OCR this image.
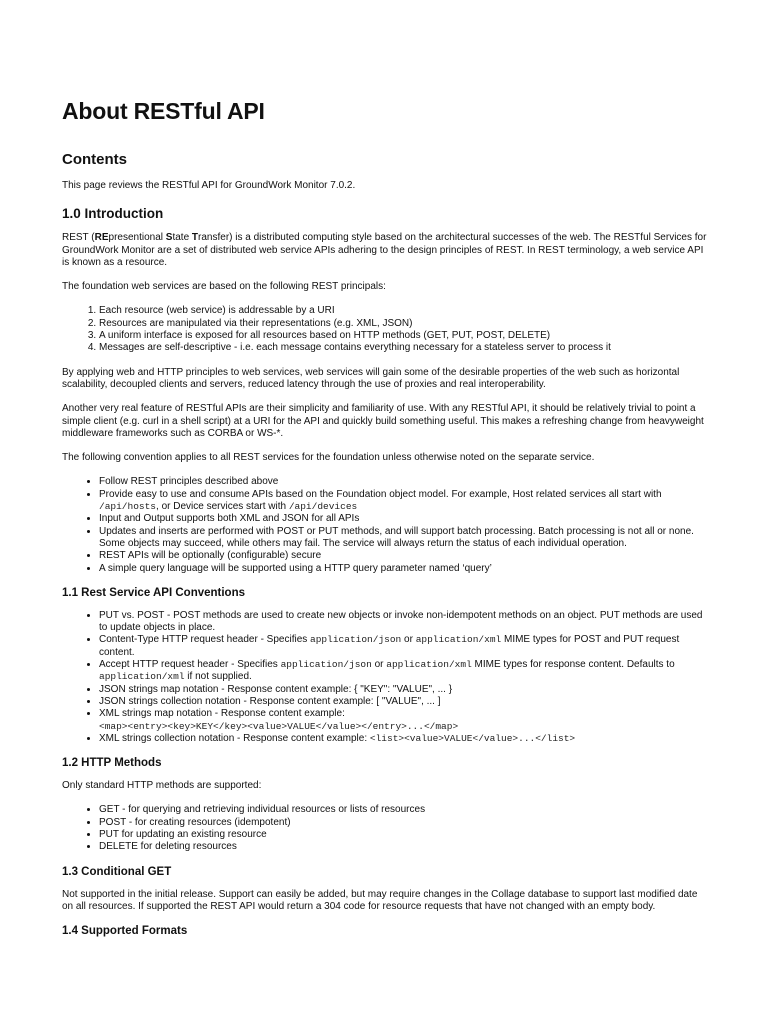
About RESTful API
Contents

This page reviews the RESTful API for GroundWork Monitor 7.0.2.

1.0 Introduction

REST (REpresentional State Transfer) is a distributed computing style based on the architectural successes of the web. The RESTful Services for GroundWork Monitor are a set of distributed web service APIs adhering to the design principles of REST. In REST terminology, a web service API is known as a resource.

The foundation web services are based on the following REST principals:

1. Each resource (web service) is addressable by a URI
2. Resources are manipulated via their representations (e.g. XML, JSON)
3. A uniform interface is exposed for all resources based on HTTP methods (GET, PUT, POST, DELETE)
4. Messages are self-descriptive - i.e. each message contains everything necessary for a stateless server to process it

By applying web and HTTP principles to web services, web services will gain some of the desirable properties of the web such as horizontal scalability, decoupled clients and servers, reduced latency through the use of proxies and real interoperability.

Another very real feature of RESTful APIs are their simplicity and familiarity of use. With any RESTful API, it should be relatively trivial to point a simple client (e.g. curl in a shell script) at a URI for the API and quickly build something useful. This makes a refreshing change from heavyweight middleware frameworks such as CORBA or WS-*.

The following convention applies to all REST services for the foundation unless otherwise noted on the separate service.

• Follow REST principles described above
• Provide easy to use and consume APIs based on the Foundation object model. For example, Host related services all start with /api/hosts, or Device services start with /api/devices
• Input and Output supports both XML and JSON for all APIs
• Updates and inserts are performed with POST or PUT methods, and will support batch processing. Batch processing is not all or none. Some objects may succeed, while others may fail. The service will always return the status of each individual operation.
• REST APIs will be optionally (configurable) secure
• A simple query language will be supported using a HTTP query parameter named ‘query’
1.1 Rest Service API Conventions
• PUT vs. POST - POST methods are used to create new objects or invoke non-idempotent methods on an object. PUT methods are used to update objects in place.
• Content-Type HTTP request header - Specifies application/json or application/xml MIME types for POST and PUT request content.
• Accept HTTP request header - Specifies application/json or application/xml MIME types for response content. Defaults to application/xml if not supplied.
• JSON strings map notation - Response content example: { "KEY": "VALUE", ... }
• JSON strings collection notation - Response content example: [ "VALUE", ... ]
• XML strings map notation - Response content example:
<map><entry><key>KEY</key><value>VALUE</value></entry>...</map>
• XML strings collection notation - Response content example: <list><value>VALUE</value>...</list>
1.2 HTTP Methods

Only standard HTTP methods are supported:

• GET - for querying and retrieving individual resources or lists of resources
• POST - for creating resources (idempotent)
• PUT for updating an existing resource
• DELETE for deleting resources
1.3 Conditional GET

Not supported in the initial release. Support can easily be added, but may require changes in the Collage database to support last modified date on all resources. If supported the REST API would return a 304 code for resource requests that have not changed with an empty body.

1.4 Supported Formats
